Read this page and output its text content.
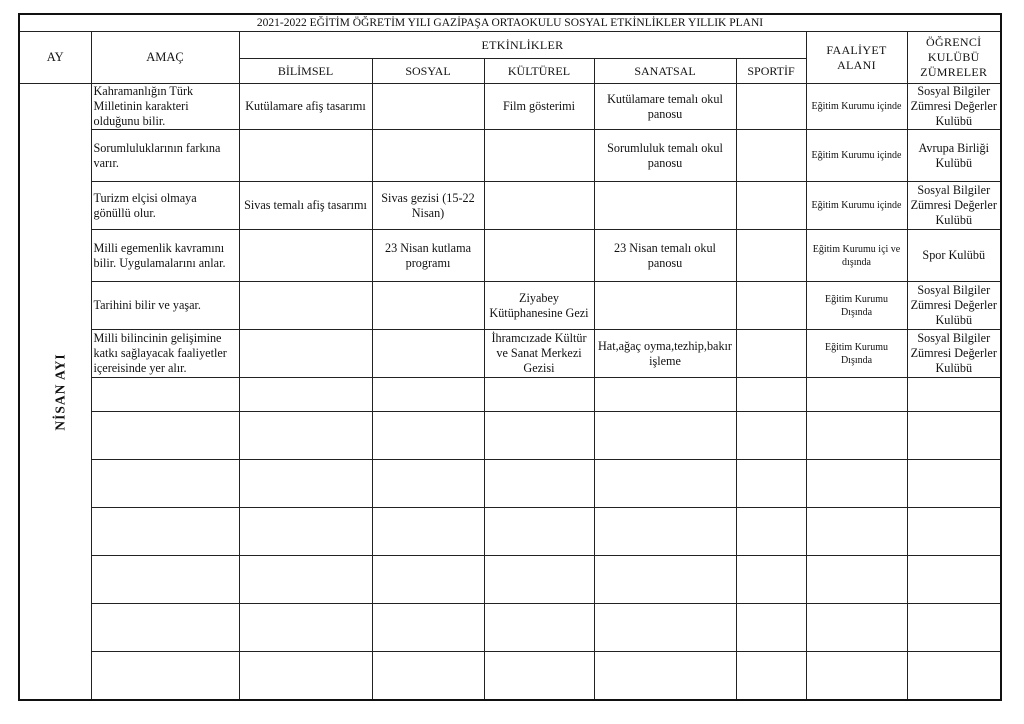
2021-2022 EĞİTİM ÖĞRETİM YILI GAZİPAŞA ORTAOKULU SOSYAL ETKİNLİKLER YILLIK PLANI								
AY	AMAÇ	ETKİNLİKLER					FAALİYET ALANI	ÖĞRENCİ KULÜBÜ ZÜMRELER
		BİLİMSEL	SOSYAL	KÜLTÜREL	SANATSAL	SPORTİF		
NİSAN AYI	Kahramanlığın Türk Milletinin karakteri olduğunu bilir.	Kutülamare afiş tasarımı		Film gösterimi	Kutülamare temalı okul panosu		Eğitim Kurumu içinde	Sosyal Bilgiler Zümresi Değerler Kulübü
	Sorumluluklarının farkına varır.				Sorumluluk temalı okul panosu		Eğitim Kurumu içinde	Avrupa Birliği Kulübü
	Turizm elçisi olmaya gönüllü olur.	Sivas temalı afiş tasarımı	Sivas gezisi (15-22 Nisan)				Eğitim Kurumu içinde	Sosyal Bilgiler Zümresi Değerler Kulübü
	Milli egemenlik kavramını bilir. Uygulamalarını anlar.		23 Nisan kutlama programı		23 Nisan temalı okul panosu		Eğitim Kurumu içi ve dışında	Spor Kulübü
	Tarihini bilir ve yaşar.			Ziyabey Kütüphanesine Gezi			Eğitim Kurumu Dışında	Sosyal Bilgiler Zümresi Değerler Kulübü
	Milli bilincinin gelişimine katkı sağlayacak faaliyetler içereisinde yer alır.			İhramcızade Kültür ve Sanat Merkezi Gezisi	Hat,ağaç oyma,tezhip,bakır işleme		Eğitim Kurumu Dışında	Sosyal Bilgiler Zümresi Değerler Kulübü
